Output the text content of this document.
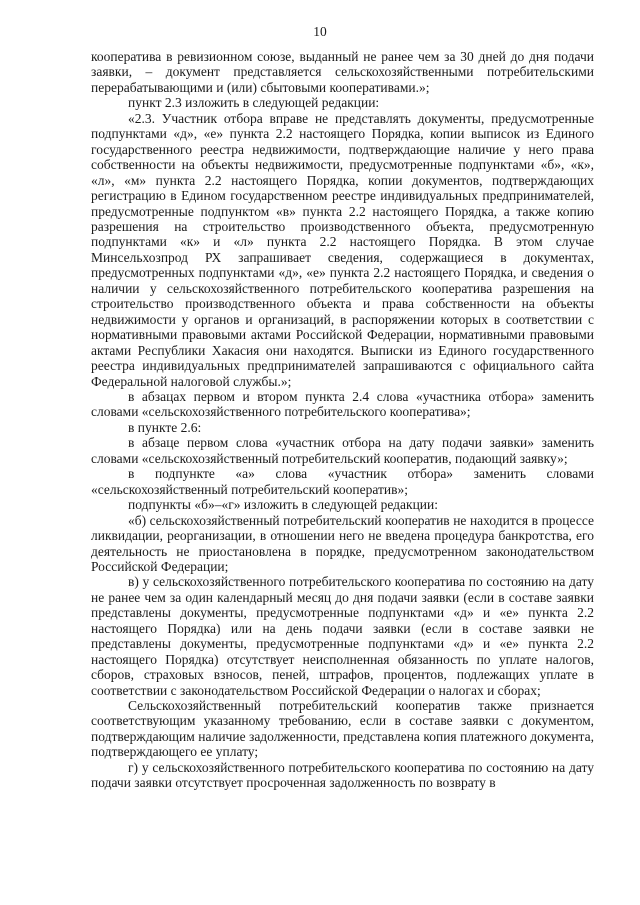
10

кооператива в ревизионном союзе, выданный не ранее чем за 30 дней до дня подачи заявки, – документ представляется сельскохозяйственными потребительскими перерабатывающими и (или) сбытовыми кооперативами.»;

пункт 2.3 изложить в следующей редакции:

«2.3. Участник отбора вправе не представлять документы, предусмотренные подпунктами «д», «е» пункта 2.2 настоящего Порядка, копии выписок из Единого государственного реестра недвижимости, подтверждающие наличие у него права собственности на объекты недвижимости, предусмотренные подпунктами «б», «к», «л», «м» пункта 2.2 настоящего Порядка, копии документов, подтверждающих регистрацию в Едином государственном реестре индивидуальных предпринимателей, предусмотренные подпунктом «в» пункта 2.2 настоящего Порядка, а также копию разрешения на строительство производственного объекта, предусмотренную подпунктами «к» и «л» пункта 2.2 настоящего Порядка. В этом случае Минсельхозпрод РХ запрашивает сведения, содержащиеся в документах, предусмотренных подпунктами «д», «е» пункта 2.2 настоящего Порядка, и сведения о наличии у сельскохозяйственного потребительского кооператива разрешения на строительство производственного объекта и права собственности на объекты недвижимости у органов и организаций, в распоряжении которых в соответствии с нормативными правовыми актами Российской Федерации, нормативными правовыми актами Республики Хакасия они находятся. Выписки из Единого государственного реестра индивидуальных предпринимателей запрашиваются с официального сайта Федеральной налоговой службы.»;

в абзацах первом и втором пункта 2.4 слова «участника отбора» заменить словами «сельскохозяйственного потребительского кооператива»;

в пункте 2.6:

в абзаце первом слова «участник отбора на дату подачи заявки» заменить словами «сельскохозяйственный потребительский кооператив, подающий заявку»;

в подпункте «а» слова «участник отбора» заменить словами «сельскохозяйственный потребительский кооператив»;

подпункты «б»–«г» изложить в следующей редакции:

«б) сельскохозяйственный потребительский кооператив не находится в процессе ликвидации, реорганизации, в отношении него не введена процедура банкротства, его деятельность не приостановлена в порядке, предусмотренном законодательством Российской Федерации;

в) у сельскохозяйственного потребительского кооператива по состоянию на дату не ранее чем за один календарный месяц до дня подачи заявки (если в составе заявки представлены документы, предусмотренные подпунктами «д» и «е» пункта 2.2 настоящего Порядка) или на день подачи заявки (если в составе заявки не представлены документы, предусмотренные подпунктами «д» и «е» пункта 2.2 настоящего Порядка) отсутствует неисполненная обязанность по уплате налогов, сборов, страховых взносов, пеней, штрафов, процентов, подлежащих уплате в соответствии с законодательством Российской Федерации о налогах и сборах;

Сельскохозяйственный потребительский кооператив также признается соответствующим указанному требованию, если в составе заявки с документом, подтверждающим наличие задолженности, представлена копия платежного документа, подтверждающего ее уплату;

г) у сельскохозяйственного потребительского кооператива по состоянию на дату подачи заявки отсутствует просроченная задолженность по возврату в
